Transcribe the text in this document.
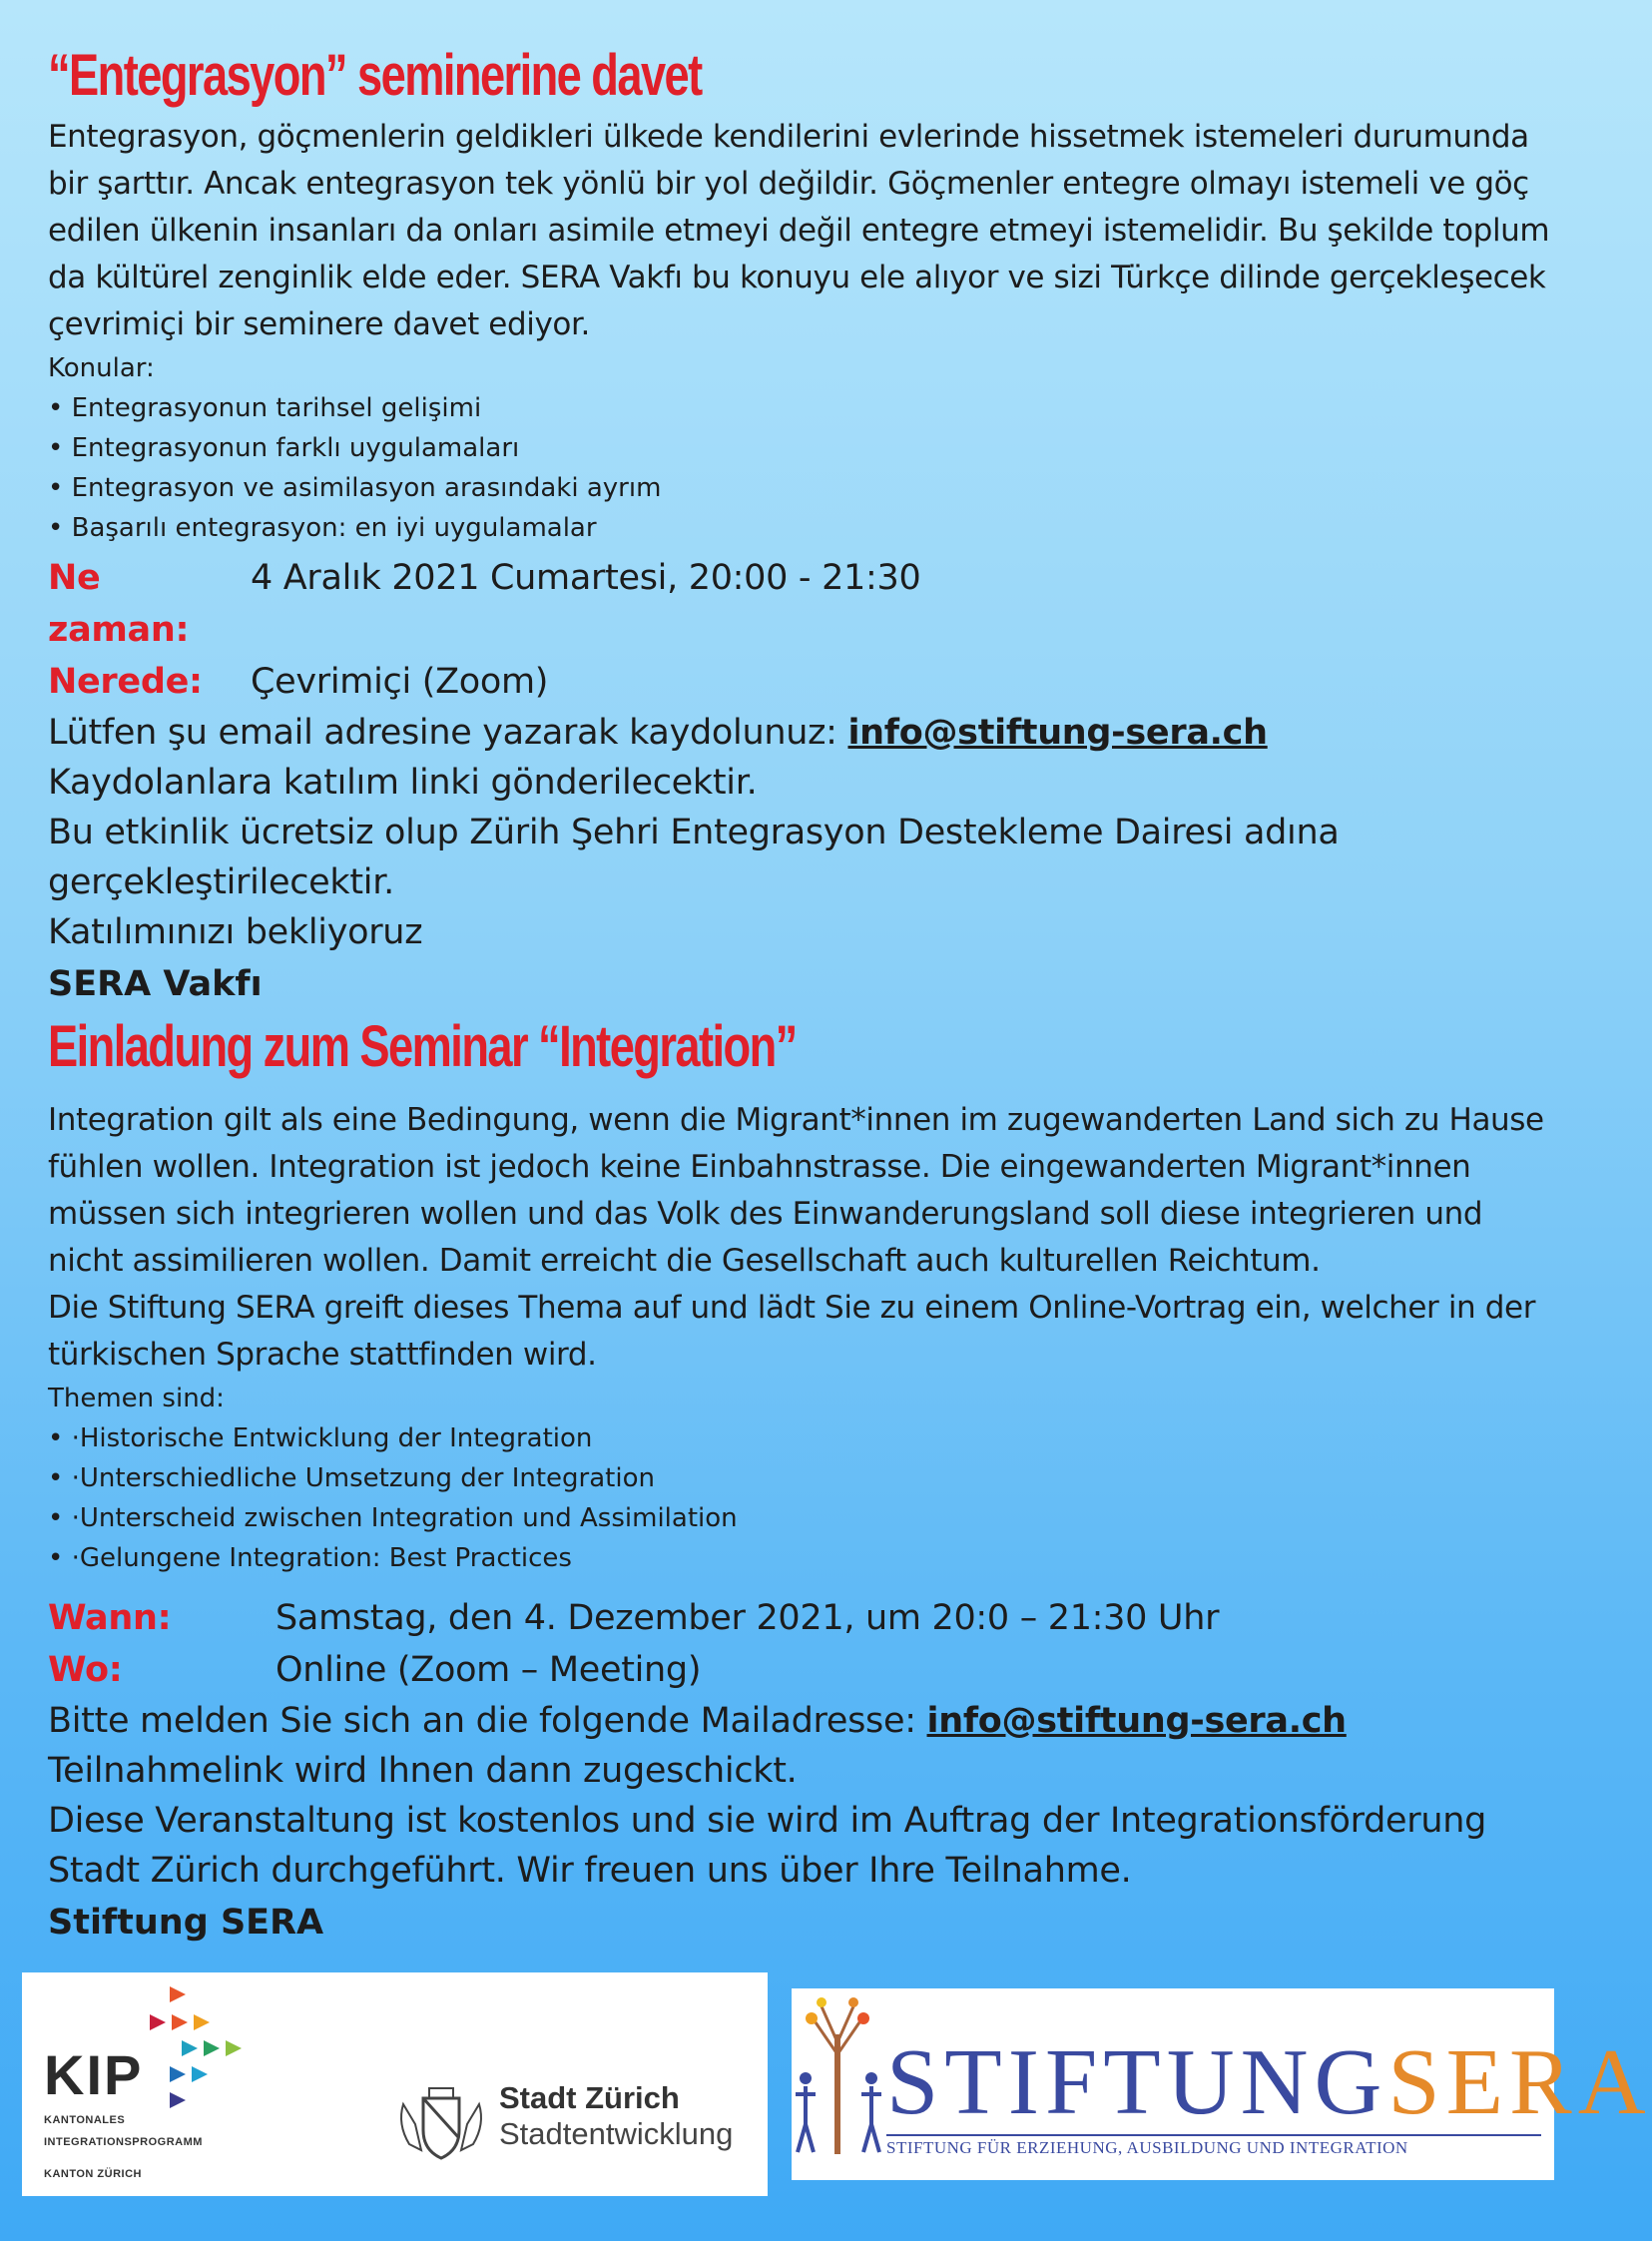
“Entegrasyon” seminerine davet

Entegrasyon, göçmenlerin geldikleri ülkede kendilerini evlerinde hissetmek istemeleri durumunda bir şarttır. Ancak entegrasyon tek yönlü bir yol değildir. Göçmenler entegre olmayı istemeli ve göç edilen ülkenin insanları da onları asimile etmeyi değil entegre etmeyi istemelidir. Bu şekilde toplum da kültürel zenginlik elde eder. SERA Vakfı bu konuyu ele alıyor ve sizi Türkçe dilinde gerçekleşecek çevrimiçi bir seminere davet ediyor.

Konular:

• Entegrasyonun tarihsel gelişimi
• Entegrasyonun farklı uygulamaları
• Entegrasyon ve asimilasyon arasındaki ayrım
• Başarılı entegrasyon: en iyi uygulamalar
Ne zaman:
4 Aralık 2021 Cumartesi, 20:00 - 21:30
Nerede:	Çevrimiçi (Zoom)

Lütfen şu email adresine yazarak kaydolunuz: info@stiftung-sera.ch

Kaydolanlara katılım linki gönderilecektir.

Bu etkinlik ücretsiz olup Zürih Şehri Entegrasyon Destekleme Dairesi adına gerçekleştirilecektir.

Katılımınızı bekliyoruz

SERA Vakfı

Einladung zum Seminar “Integration”

Integration gilt als eine Bedingung, wenn die Migrant*innen im zugewanderten Land sich zu Hause fühlen wollen. Integration ist jedoch keine Einbahnstrasse. Die eingewanderten Migrant*innen müssen sich integrieren wollen und das Volk des Einwanderungsland soll diese integrieren und nicht assimilieren wollen. Damit erreicht die Gesellschaft auch kulturellen Reichtum.

Die Stiftung SERA greift dieses Thema auf und lädt Sie zu einem Online-Vortrag ein, welcher in der türkischen Sprache stattfinden wird.

Themen sind:

• ·Historische Entwicklung der Integration
• ·Unterschiedliche Umsetzung der Integration
• ·Unterscheid zwischen Integration und Assimilation
• ·Gelungene Integration: Best Practices
Wann:	Samstag, den 4. Dezember 2021, um 20:0 – 21:30 Uhr
Wo:	Online (Zoom – Meeting)

Bitte melden Sie sich an die folgende Mailadresse: info@stiftung-sera.ch

Teilnahmelink wird Ihnen dann zugeschickt.

Diese Veranstaltung ist kostenlos und sie wird im Auftrag der Integrationsförderung Stadt Zürich durchgeführt. Wir freuen uns über Ihre Teilnahme.

Stiftung SERA

KIP
KANTONALES
INTEGRATIONSPROGRAMM
KANTON ZÜRICH
Stadt Zürich
Stadtentwicklung STIFTUNGSERA
STIFTUNG FÜR ERZIEHUNG, AUSBILDUNG UND INTEGRATION
